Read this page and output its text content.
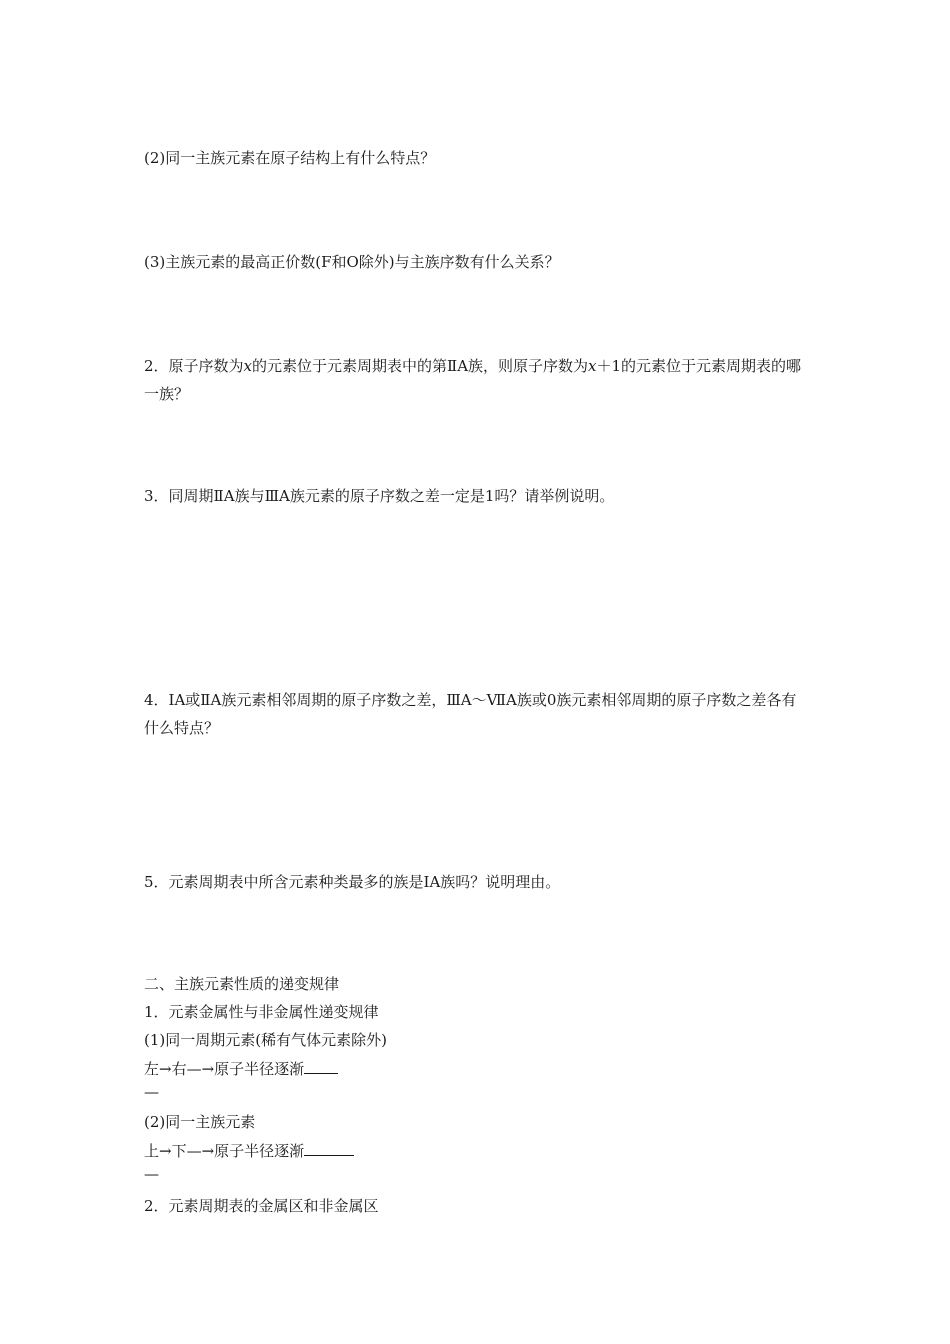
(2)同一主族元素在原子结构上有什么特点？
(3)主族元素的最高正价数(F和O除外)与主族序数有什么关系？
2．原子序数为x的元素位于元素周期表中的第ⅡA族，则原子序数为x＋1的元素位于元素周期表的哪一族？
3．同周期ⅡA族与ⅢA族元素的原子序数之差一定是1吗？请举例说明。
4．ⅠA或ⅡA族元素相邻周期的原子序数之差，ⅢA～ⅦA族或0族元素相邻周期的原子序数之差各有什么特点？
5．元素周期表中所含元素种类最多的族是ⅠA族吗？说明理由。
二、主族元素性质的递变规律
1．元素金属性与非金属性递变规律
(1)同一周期元素(稀有气体元素除外)
左→右—→原子半径逐渐
—
(2)同一主族元素
上→下—→原子半径逐渐
—
2．元素周期表的金属区和非金属区
